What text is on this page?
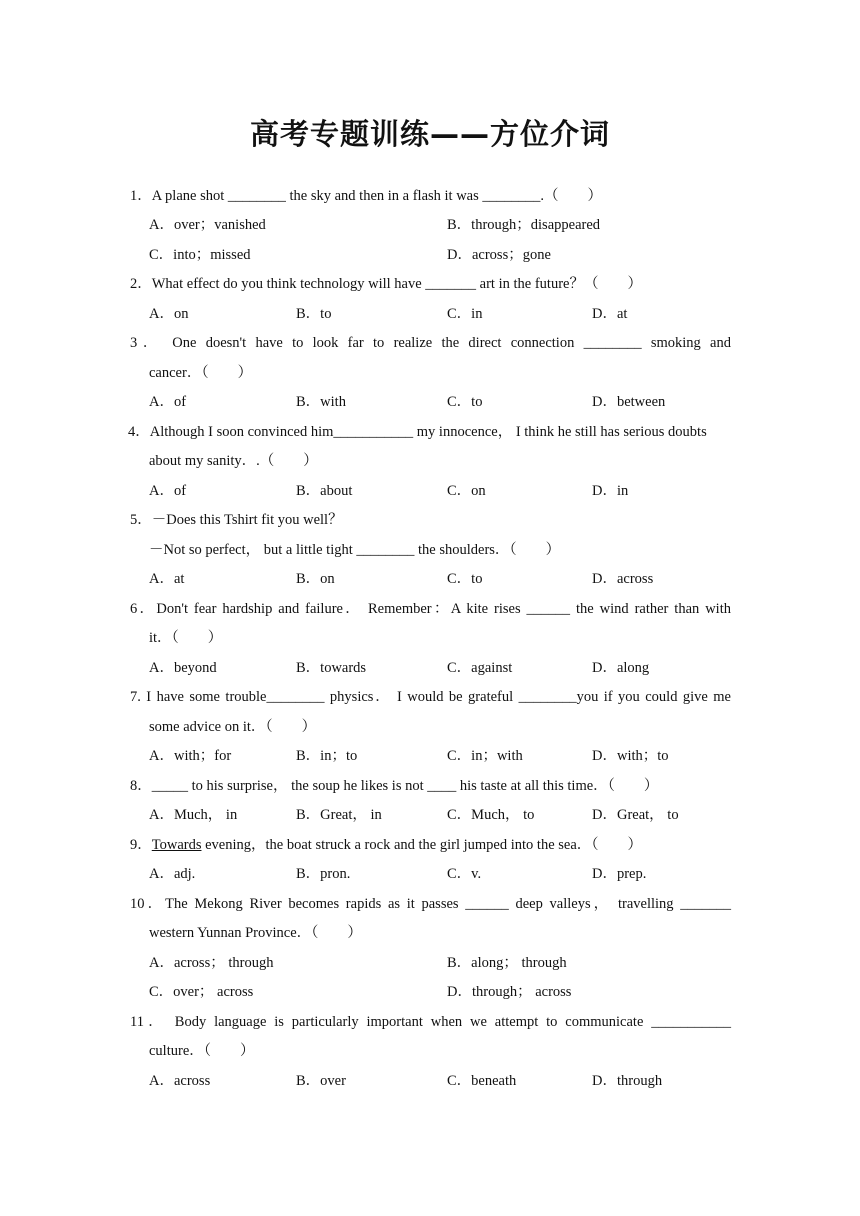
高考专题训练——方位介词
1．A plane shot ________ the sky and then in a flash it was ________.（　　）
A．over；vanished	B．through；disappeared
C．into；missed	D．across；gone
2．What effect do you think technology will have _______ art in the future？（　　）
A．on	B．to	C．in	D．at
3． One doesn't have to look far to realize the direct connection ________ smoking and
cancer．（　　）
A．of	B．with	C．to	D．between
4．Although I soon convinced him___________ my innocence， I think he still has serious doubts
about my sanity．.（　　）
A．of	B．about	C．on	D．in
5．－Does this Tshirt fit you well？
－Not so perfect， but a little tight ________ the shoulders．（　　）
A．at	B．on	C．to	D．across
6．Don't fear hardship and failure． Remember：A kite rises ______ the wind rather than with
it．（　　）
A．beyond	B．towards	C．against	D．along
7. I have some trouble________ physics． I would be grateful ________you if you could give me
some advice on it．（　　）
A．with；for	B．in；to	C．in；with	D．with；to
8．_____ to his surprise， the soup he likes is not ____ his taste at all this time．（　　）
A．Much， in	B．Great， in	C．Much， to	D．Great， to
9．Towards evening，the boat struck a rock and the girl jumped into the sea．（　　）
A．adj.	B．pron.	C．v.	D．prep.
10．The Mekong River becomes rapids as it passes ______ deep valleys， travelling _______
western Yunnan Province．（　　）
A．across； through	B．along； through
C．over； across	D．through； across
11． Body language is particularly important when we attempt to communicate ___________
culture．（　　）
A．across	B．over	C．beneath	D．through
